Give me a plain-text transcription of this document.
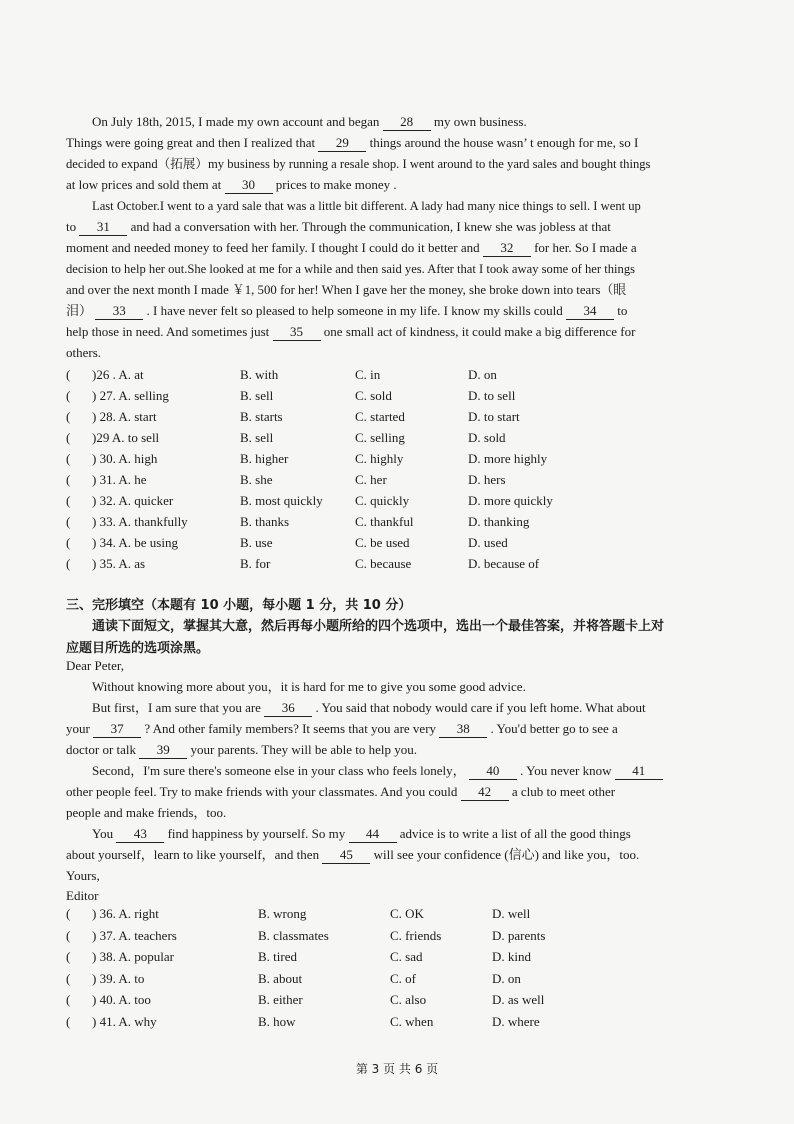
On July 18th, 2015, I made my own account and began 28 my own business.
Things were going great and then I realized that 29 things around the house wasn’ t enough for me, so I
decided to expand（拓展）my business by running a resale shop. I went around to the yard sales and bought things
at low prices and sold them at 30 prices to make money .
Last October.I went to a yard sale that was a little bit different. A lady had many nice things to sell. I went up
to 31 and had a conversation with her. Through the communication, I knew she was jobless at that
moment and needed money to feed her family. I thought I could do it better and 32 for her. So I made a
decision to help her out.She looked at me for a while and then said yes. After that I took away some of her things
and over the next month I made ￥1, 500 for her! When I gave her the money, she broke down into tears（眼
泪） 33 . I have never felt so pleased to help someone in my life. I know my skills could 34 to
help those in need. And sometimes just 35 one small act of kindness, it could make a big difference for
others.
( )26 . A. at	B. with	C. in	D. on
( ) 27. A. selling	B. sell	C. sold	D. to sell
( ) 28. A. start	B. starts	C. started	D. to start
( )29 A. to sell	B. sell	C. selling	D. sold
( ) 30. A. high	B. higher	C. highly	D. more highly
( ) 31. A. he	B. she	C. her	D. hers
( ) 32. A. quicker	B. most quickly C. quickly	D. more quickly
( ) 33. A. thankfully	B. thanks	C. thankful	D. thanking
( ) 34. A. be using	B. use	C. be used	D. used
( ) 35. A. as	B. for	C. because	D. because of
三、完形填空（本题有 10 小题，每小题 1 分，共 10 分）
通读下面短文，掌握其大意，然后再每小题所给的四个选项中，选出一个最佳答案，并将答题卡上对
应题目所选的选项涂黑。
Dear Peter,
Without knowing more about you，it is hard for me to give you some good advice.
But first，I am sure that you are 36 . You said that nobody would care if you left home. What about
your 37 ? And other family members? It seems that you are very 38 . You'd better go to see a
doctor or talk 39 your parents. They will be able to help you.
Second，I'm sure there's someone else in your class who feels lonely， 40 . You never know 41
other people feel. Try to make friends with your classmates. And you could 42 a club to meet other
people and make friends，too.
You 43 find happiness by yourself. So my 44 advice is to write a list of all the good things
about yourself，learn to like yourself，and then 45 will see your confidence (信心) and like you，too.
Yours,
Editor
( ) 36. A. right	B. wrong	C. OK	D. well
( ) 37. A. teachers	B. classmates	C. friends	D. parents
( ) 38. A. popular	B. tired	C. sad	D. kind
( ) 39. A. to	B. about	C. of	D. on
( ) 40. A. too	B. either	C. also	D. as well
( ) 41. A. why	B. how	C. when	D. where
第 3 页 共 6 页
